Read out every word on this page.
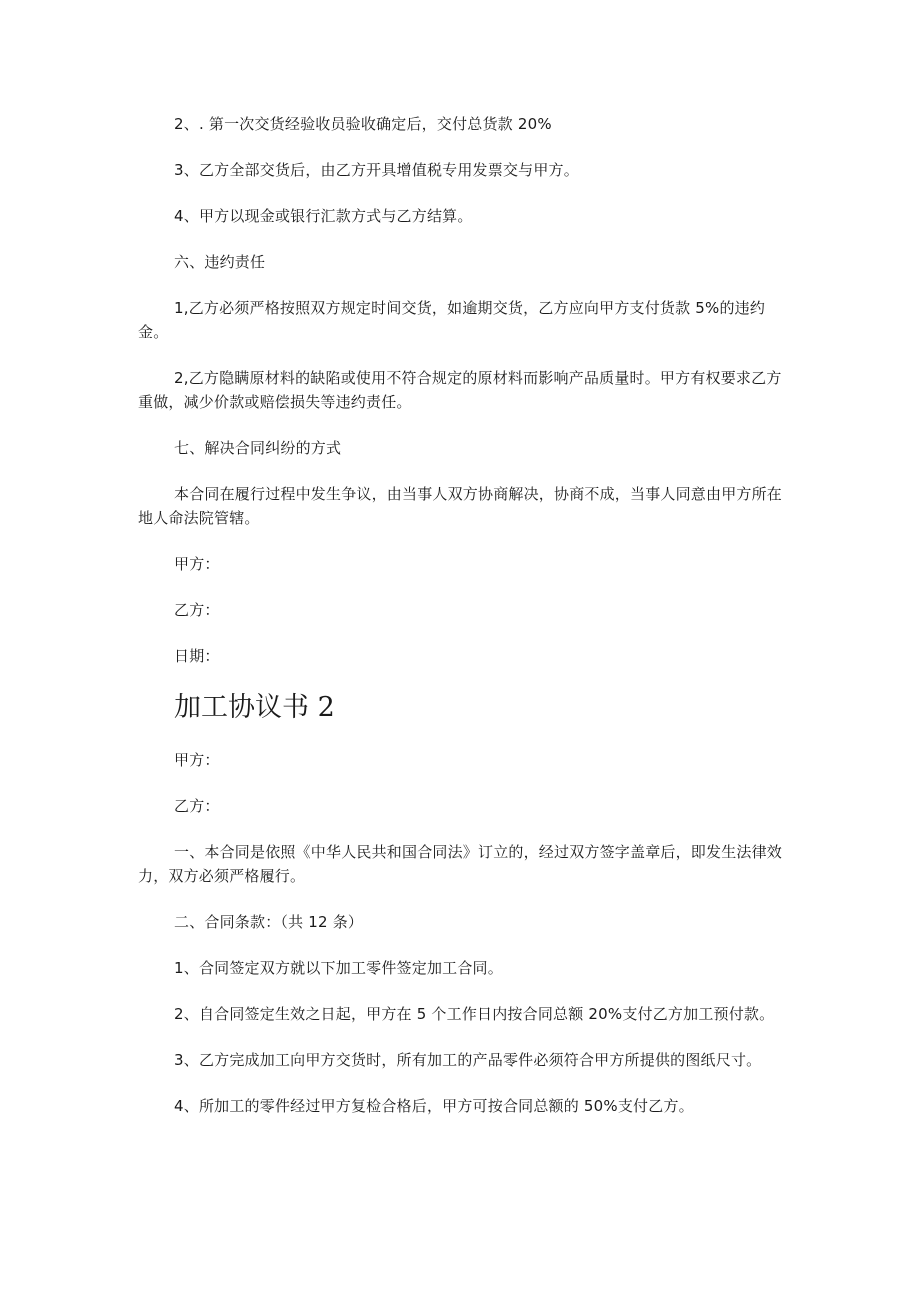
2、. 第一次交货经验收员验收确定后，交付总货款 20%

3、乙方全部交货后，由乙方开具增值税专用发票交与甲方。

4、甲方以现金或银行汇款方式与乙方结算。

六、违约责任

1,乙方必须严格按照双方规定时间交货，如逾期交货，乙方应向甲方支付货款 5%的违约金。

2,乙方隐瞒原材料的缺陷或使用不符合规定的原材料而影响产品质量时。甲方有权要求乙方重做，减少价款或赔偿损失等违约责任。

七、解决合同纠纷的方式

本合同在履行过程中发生争议，由当事人双方协商解决，协商不成，当事人同意由甲方所在地人命法院管辖。

甲方：

乙方：

日期：

加工协议书 2

甲方：

乙方：

一、本合同是依照《中华人民共和国合同法》订立的，经过双方签字盖章后，即发生法律效力，双方必须严格履行。

二、合同条款：（共 12 条）

1、合同签定双方就以下加工零件签定加工合同。

2、自合同签定生效之日起，甲方在 5 个工作日内按合同总额 20%支付乙方加工预付款。

3、乙方完成加工向甲方交货时，所有加工的产品零件必须符合甲方所提供的图纸尺寸。

4、所加工的零件经过甲方复检合格后，甲方可按合同总额的 50%支付乙方。
